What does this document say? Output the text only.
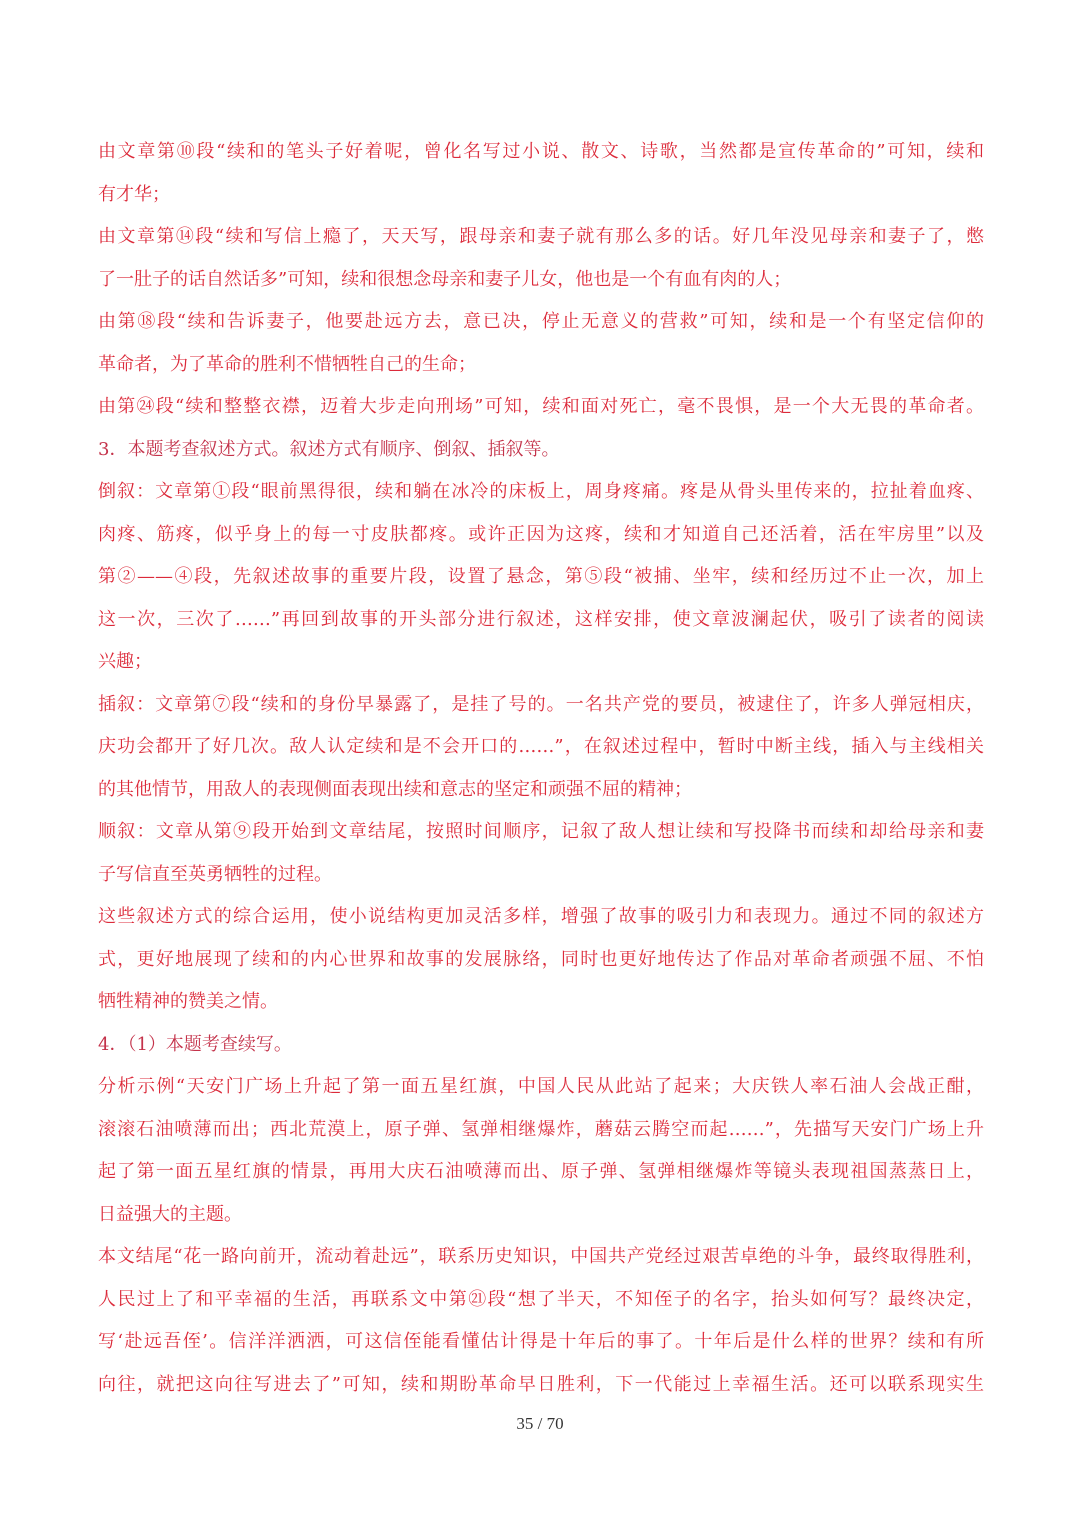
由文章第⑩段“续和的笔头子好着呢，曾化名写过小说、散文、诗歌，当然都是宣传革命的”可知，续和
有才华；
由文章第⑭段“续和写信上瘾了，天天写，跟母亲和妻子就有那么多的话。好几年没见母亲和妻子了，憋
了一肚子的话自然话多”可知，续和很想念母亲和妻子儿女，他也是一个有血有肉的人；
由第⑱段“续和告诉妻子，他要赴远方去，意已决，停止无意义的营救”可知，续和是一个有坚定信仰的
革命者，为了革命的胜利不惜牺牲自己的生命；
由第㉔段“续和整整衣襟，迈着大步走向刑场”可知，续和面对死亡，毫不畏惧，是一个大无畏的革命者。
3．本题考查叙述方式。叙述方式有顺序、倒叙、插叙等。
倒叙：文章第①段“眼前黑得很，续和躺在冰冷的床板上，周身疼痛。疼是从骨头里传来的，拉扯着血疼、
肉疼、筋疼，似乎身上的每一寸皮肤都疼。或许正因为这疼，续和才知道自己还活着，活在牢房里”以及
第②——④段，先叙述故事的重要片段，设置了悬念，第⑤段“被捕、坐牢，续和经历过不止一次，加上
这一次，三次了……”再回到故事的开头部分进行叙述，这样安排，使文章波澜起伏，吸引了读者的阅读
兴趣；
插叙：文章第⑦段“续和的身份早暴露了，是挂了号的。一名共产党的要员，被逮住了，许多人弹冠相庆，
庆功会都开了好几次。敌人认定续和是不会开口的……”，在叙述过程中，暂时中断主线，插入与主线相关
的其他情节，用敌人的表现侧面表现出续和意志的坚定和顽强不屈的精神；
顺叙：文章从第⑨段开始到文章结尾，按照时间顺序，记叙了敌人想让续和写投降书而续和却给母亲和妻
子写信直至英勇牺牲的过程。
这些叙述方式的综合运用，使小说结构更加灵活多样，增强了故事的吸引力和表现力。通过不同的叙述方
式，更好地展现了续和的内心世界和故事的发展脉络，同时也更好地传达了作品对革命者顽强不屈、不怕
牺牲精神的赞美之情。
4．（1）本题考查续写。
分析示例“天安门广场上升起了第一面五星红旗，中国人民从此站了起来；大庆铁人率石油人会战正酣，
滚滚石油喷薄而出；西北荒漠上，原子弹、氢弹相继爆炸，蘑菇云腾空而起……”，先描写天安门广场上升
起了第一面五星红旗的情景，再用大庆石油喷薄而出、原子弹、氢弹相继爆炸等镜头表现祖国蒸蒸日上，
日益强大的主题。
本文结尾“花一路向前开，流动着赴远”，联系历史知识，中国共产党经过艰苦卓绝的斗争，最终取得胜利，
人民过上了和平幸福的生活，再联系文中第㉑段“想了半天，不知侄子的名字，抬头如何写？最终决定，
写‘赴远吾侄’。信洋洋洒洒，可这信侄能看懂估计得是十年后的事了。十年后是什么样的世界？续和有所
向往，就把这向往写进去了”可知，续和期盼革命早日胜利，下一代能过上幸福生活。还可以联系现实生
35 / 70
